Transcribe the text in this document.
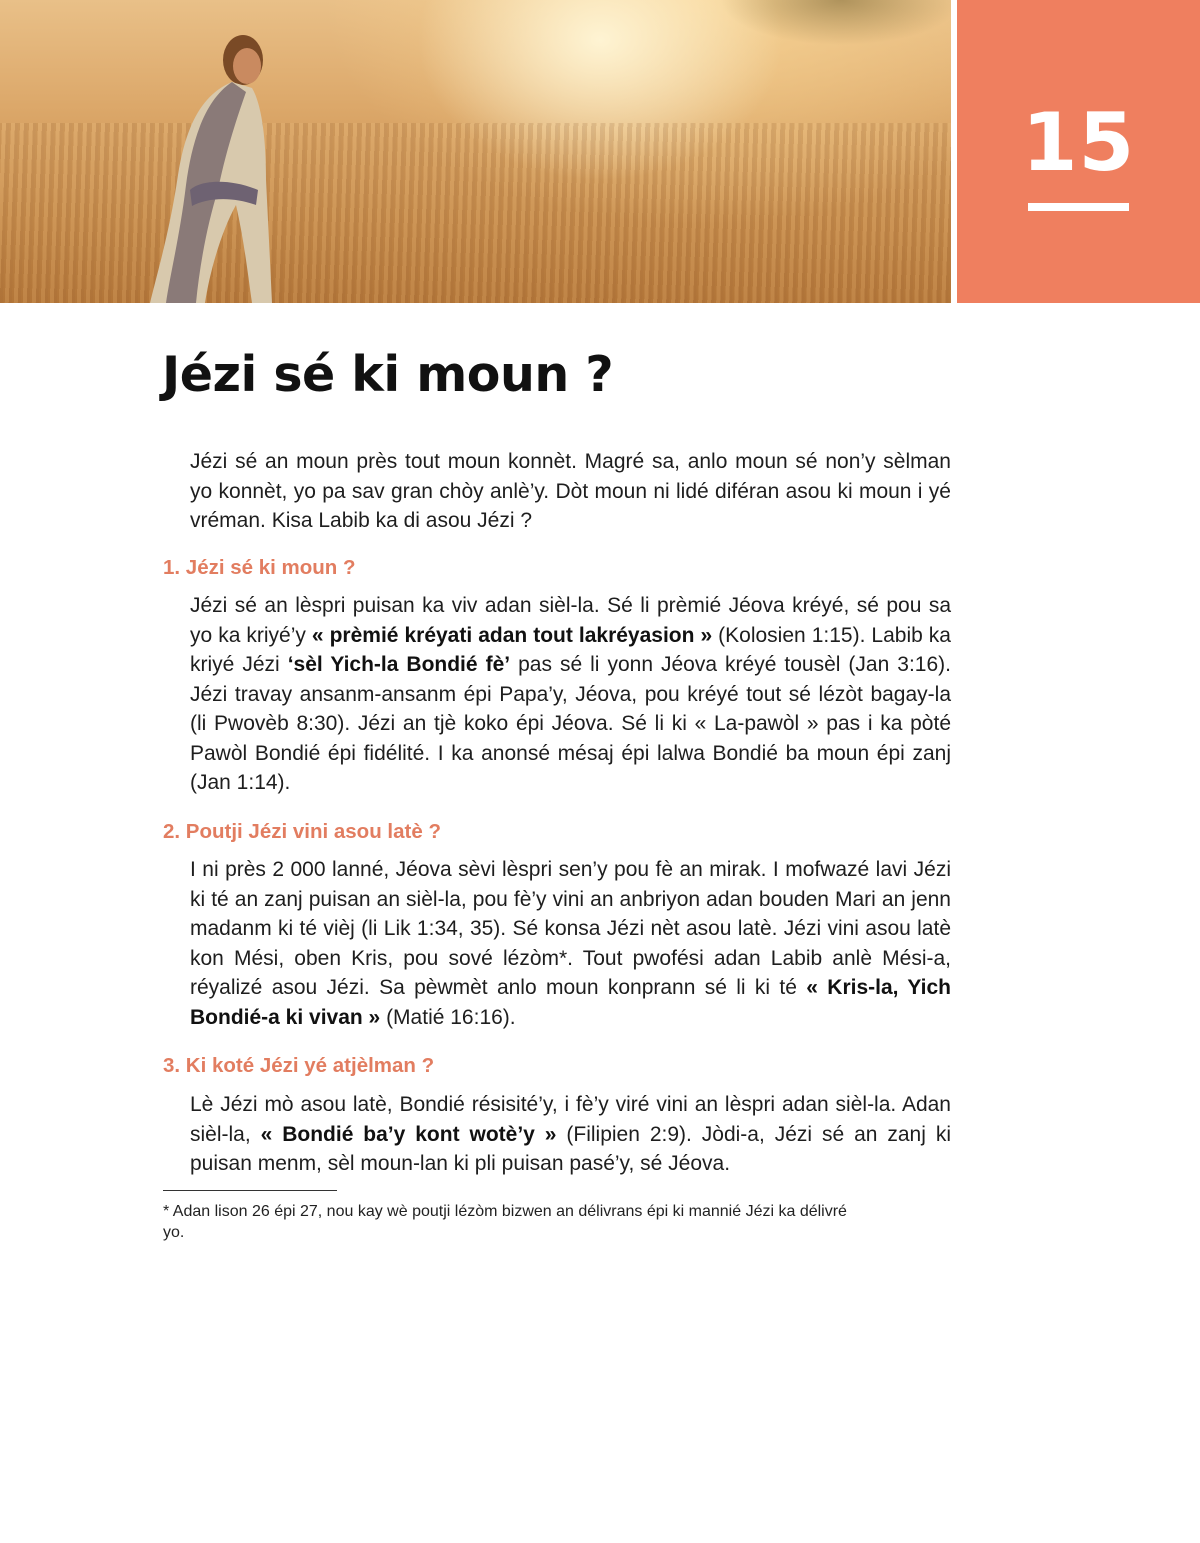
15
Jézi sé ki moun ?

Jézi sé an moun près tout moun konnèt. Magré sa, anlo moun sé non’y sèlman yo konnèt, yo pa sav gran chòy anlè’y. Dòt moun ni lidé diféran asou ki moun i yé vréman. Kisa Labib ka di asou Jézi ?

1. Jézi sé ki moun ?

Jézi sé an lèspri puisan ka viv adan sièl-la. Sé li prèmié Jéova kréyé, sé pou sa yo ka kriyé’y « prèmié kréyati adan tout lakréyasion » (Kolosien 1:15). Labib ka kriyé Jézi ‘sèl Yich-la Bondié fè’ pas sé li yonn Jéova kréyé tousèl (Jan 3:16). Jézi travay ansanm-ansanm épi Papa’y, Jéova, pou kréyé tout sé lézòt bagay-la (li Pwovèb 8:30). Jézi an tjè koko épi Jéova. Sé li ki « La-pawòl » pas i ka pòté Pawòl Bondié épi fidélité. I ka anonsé mésaj épi lalwa Bondié ba moun épi zanj (Jan 1:14).

2. Poutji Jézi vini asou latè ?

I ni près 2 000 lanné, Jéova sèvi lèspri sen’y pou fè an mirak. I mofwazé lavi Jézi ki té an zanj puisan an sièl-la, pou fè’y vini an anbriyon adan bouden Mari an jenn madanm ki té vièj (li Lik 1:34, 35). Sé konsa Jézi nèt asou latè. Jézi vini asou latè kon Mési, oben Kris, pou sové lézòm*. Tout pwofési adan Labib anlè Mési-a, réyalizé asou Jézi. Sa pèwmèt anlo moun konprann sé li ki té « Kris-la, Yich Bondié-a ki vivan » (Matié 16:16).

3. Ki koté Jézi yé atjèlman ?

Lè Jézi mò asou latè, Bondié résisité’y, i fè’y viré vini an lèspri adan sièl-la. Adan sièl-la, « Bondié ba’y kont wotè’y » (Filipien 2:9). Jòdi-a, Jézi sé an zanj ki puisan menm, sèl moun-lan ki pli puisan pasé’y, sé Jéova.

* Adan lison 26 épi 27, nou kay wè poutji lézòm bizwen an délivrans épi ki mannié Jézi ka délivré yo.
